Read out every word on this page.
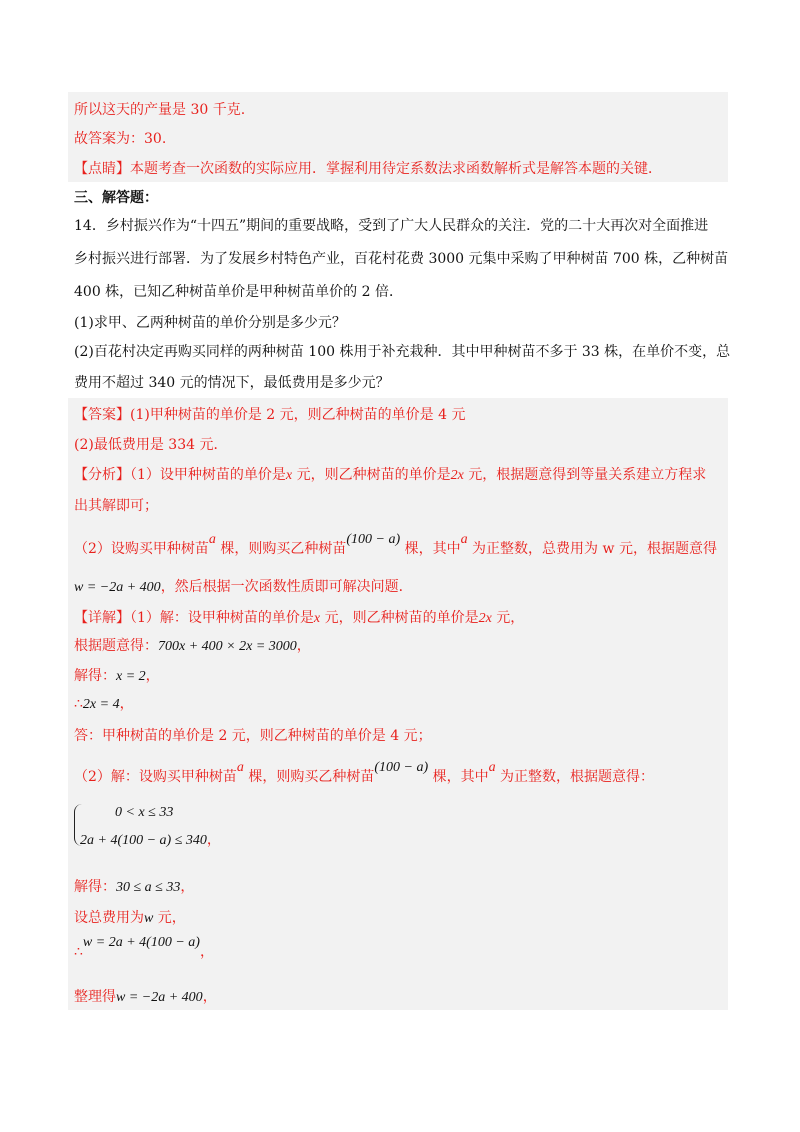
所以这天的产量是 30 千克.
故答案为：30.
【点睛】本题考查一次函数的实际应用．掌握利用待定系数法求函数解析式是解答本题的关键．
三、解答题：
14．乡村振兴作为“十四五”期间的重要战略，受到了广大人民群众的关注．党的二十大再次对全面推进
乡村振兴进行部署．为了发展乡村特色产业，百花村花费 3000 元集中采购了甲种树苗 700 株，乙种树苗
400 株，已知乙种树苗单价是甲种树苗单价的 2 倍．
(1)求甲、乙两种树苗的单价分别是多少元？
(2)百花村决定再购买同样的两种树苗 100 株用于补充栽种．其中甲种树苗不多于 33 株，在单价不变，总
费用不超过 340 元的情况下，最低费用是多少元？
【答案】(1)甲种树苗的单价是 2 元，则乙种树苗的单价是 4 元
(2)最低费用是 334 元．
【分析】（1）设甲种树苗的单价是x 元，则乙种树苗的单价是2x 元，根据题意得到等量关系建立方程求
出其解即可；
（2）设购买甲种树苗a 棵，则购买乙种树苗(100 − a) 棵，其中a 为正整数，总费用为 w 元，根据题意得
w = −2a + 400，然后根据一次函数性质即可解决问题．
【详解】（1）解：设甲种树苗的单价是x 元，则乙种树苗的单价是2x 元，
根据题意得：700x + 400 × 2x = 3000，
解得：x = 2，
∴2x = 4，
答：甲种树苗的单价是 2 元，则乙种树苗的单价是 4 元；
（2）解：设购买甲种树苗a 棵，则购买乙种树苗(100 − a) 棵，其中a 为正整数，根据题意得：
0 < x ≤ 33
2a + 4(100 − a) ≤ 340，
解得：30 ≤ a ≤ 33，
设总费用为w 元，
∴w = 2a + 4(100 − a)，
整理得w = −2a + 400，
